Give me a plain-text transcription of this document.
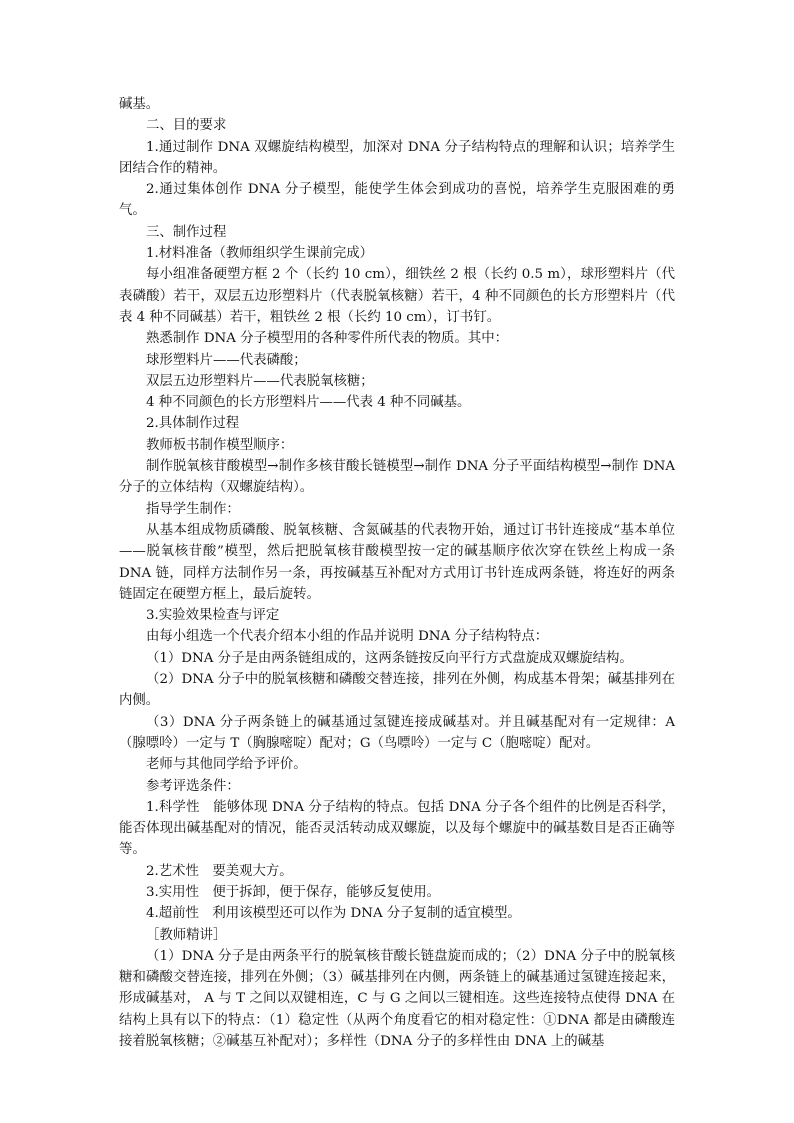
碱基。

二、目的要求

1.通过制作 DNA 双螺旋结构模型，加深对 DNA 分子结构特点的理解和认识；培养学生团结合作的精神。

2.通过集体创作 DNA 分子模型，能使学生体会到成功的喜悦，培养学生克服困难的勇气。

三、制作过程

1.材料准备（教师组织学生课前完成）

每小组准备硬塑方框 2 个（长约 10 cm），细铁丝 2 根（长约 0.5 m），球形塑料片（代表磷酸）若干，双层五边形塑料片（代表脱氧核糖）若干，4 种不同颜色的长方形塑料片（代表 4 种不同碱基）若干，粗铁丝 2 根（长约 10 cm），订书钉。

熟悉制作 DNA 分子模型用的各种零件所代表的物质。其中：

球形塑料片——代表磷酸；

双层五边形塑料片——代表脱氧核糖；

4 种不同颜色的长方形塑料片——代表 4 种不同碱基。

2.具体制作过程

教师板书制作模型顺序：

制作脱氧核苷酸模型→制作多核苷酸长链模型→制作 DNA 分子平面结构模型→制作 DNA 分子的立体结构（双螺旋结构）。

指导学生制作：

从基本组成物质磷酸、脱氧核糖、含氮碱基的代表物开始，通过订书针连接成“基本单位——脱氧核苷酸”模型，然后把脱氧核苷酸模型按一定的碱基顺序依次穿在铁丝上构成一条 DNA 链，同样方法制作另一条，再按碱基互补配对方式用订书针连成两条链，将连好的两条链固定在硬塑方框上，最后旋转。

3.实验效果检查与评定

由每小组选一个代表介绍本小组的作品并说明 DNA 分子结构特点：

（1）DNA 分子是由两条链组成的，这两条链按反向平行方式盘旋成双螺旋结构。

（2）DNA 分子中的脱氧核糖和磷酸交替连接，排列在外侧，构成基本骨架；碱基排列在内侧。

（3）DNA 分子两条链上的碱基通过氢键连接成碱基对。并且碱基配对有一定规律：A（腺嘌呤）一定与 T（胸腺嘧啶）配对；G（鸟嘌呤）一定与 C（胞嘧啶）配对。

老师与其他同学给予评价。

参考评选条件：

1.科学性　能够体现 DNA 分子结构的特点。包括 DNA 分子各个组件的比例是否科学，能否体现出碱基配对的情况，能否灵活转动成双螺旋，以及每个螺旋中的碱基数目是否正确等等。

2.艺术性　要美观大方。

3.实用性　便于拆卸，便于保存，能够反复使用。

4.超前性　利用该模型还可以作为 DNA 分子复制的适宜模型。

［教师精讲］

（1）DNA 分子是由两条平行的脱氧核苷酸长链盘旋而成的；（2）DNA 分子中的脱氧核糖和磷酸交替连接，排列在外侧；（3）碱基排列在内侧，两条链上的碱基通过氢键连接起来，形成碱基对， A 与 T 之间以双键相连，C 与 G 之间以三键相连。这些连接特点使得 DNA 在结构上具有以下的特点：（1）稳定性（从两个角度看它的相对稳定性：①DNA 都是由磷酸连接着脱氧核糖；②碱基互补配对）；多样性（DNA 分子的多样性由 DNA 上的碱基
